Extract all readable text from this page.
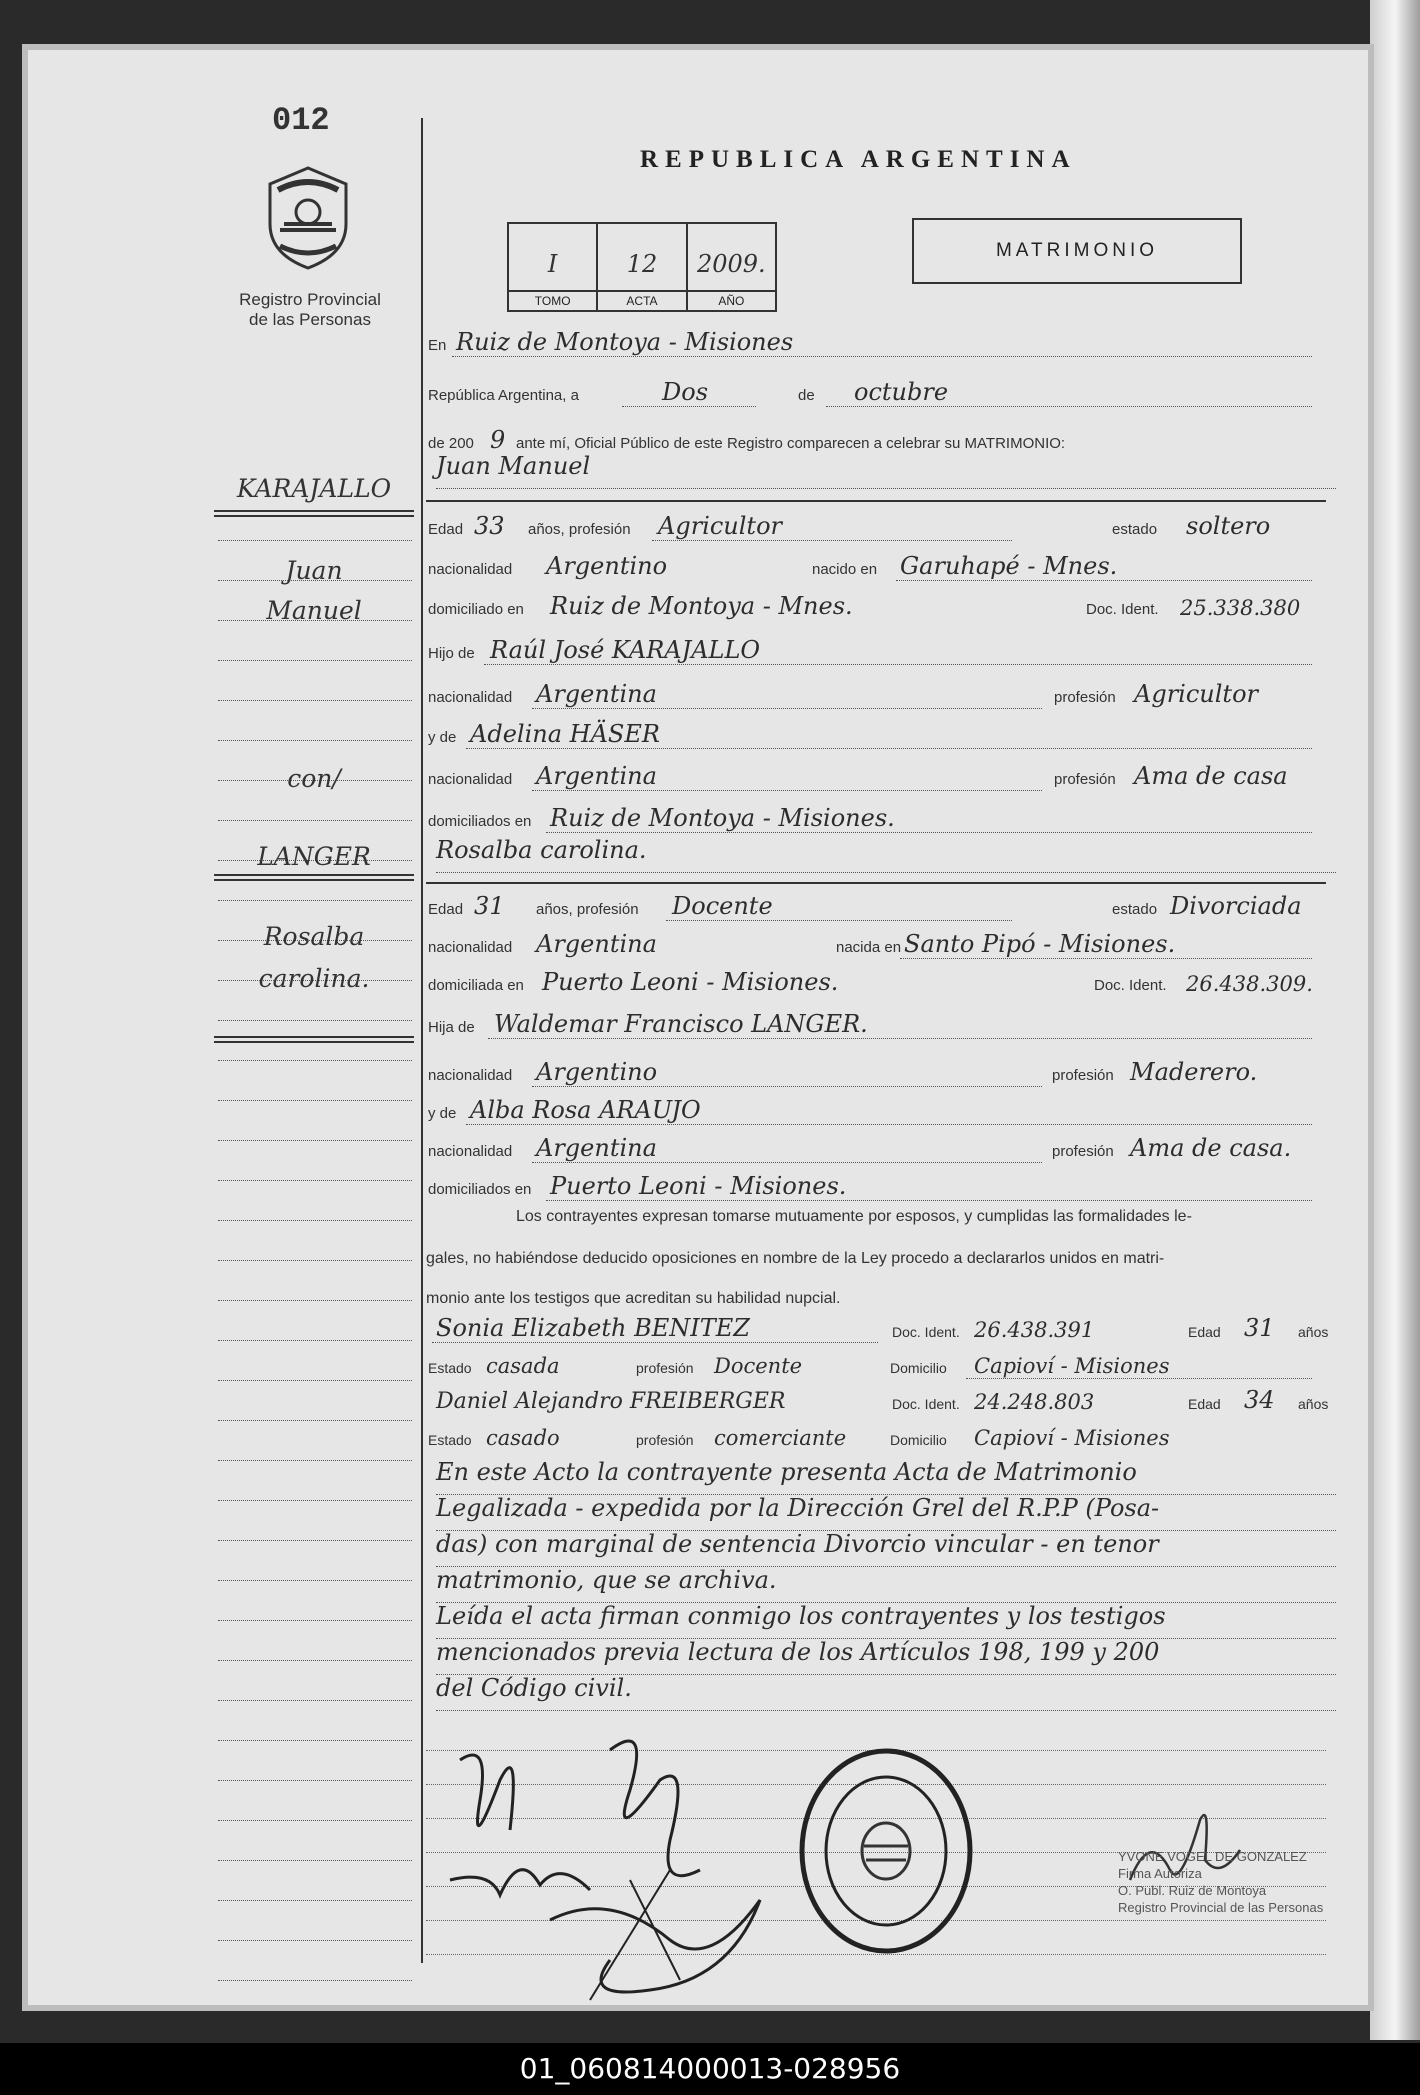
012
Registro Provincial
de las Personas
REPUBLICA ARGENTINA
I
TOMO
12
ACTA
2009.
AÑO
MATRIMONIO
KARAJALLO
Juan
Manuel
con/
LANGER
Rosalba
carolina.
En Ruiz de Montoya - Misiones
República Argentina, a	Dos	de octubre
de 200 9 ante mí, Oficial Público de este Registro comparecen a celebrar su MATRIMONIO:
Juan Manuel
Edad 33 años, profesión Agricultor	estado soltero
nacionalidad Argentino	nacido en Garuhapé - Mnes.
domiciliado en Ruiz de Montoya - Mnes.	Doc. Ident. 25.338.380
Hijo de Raúl José KARAJALLO
nacionalidad Argentina	profesión Agricultor
y de Adelina HÄSER
nacionalidad Argentina	profesión Ama de casa
domiciliados en Ruiz de Montoya - Misiones.
Rosalba carolina.
Edad 31 años, profesión Docente	estado Divorciada
nacionalidad Argentina	nacida en Santo Pipó - Misiones.
domiciliada en Puerto Leoni - Misiones.	Doc. Ident. 26.438.309.
Hija de Waldemar Francisco LANGER.
nacionalidad Argentino	profesión Maderero.
y de Alba Rosa ARAUJO
nacionalidad Argentina	profesión Ama de casa.
domiciliados en Puerto Leoni - Misiones.
Los contrayentes expresan tomarse mutuamente por esposos, y cumplidas las formalidades le-
gales, no habiéndose deducido oposiciones en nombre de la Ley procedo a declararlos unidos en matri-
monio ante los testigos que acreditan su habilidad nupcial.
Sonia Elizabeth BENITEZ	Doc. Ident. 26.438.391	Edad 31 años
Estado casada	profesión Docente	Domicilio Capioví - Misiones
Daniel Alejandro FREIBERGER	Doc. Ident. 24.248.803	Edad 34 años
Estado casado	profesión comerciante	Domicilio Capioví - Misiones
En este Acto la contrayente presenta Acta de Matrimonio
Legalizada - expedida por la Dirección Grel del R.P.P (Posa-
das) con marginal de sentencia Divorcio vincular - en tenor
matrimonio, que se archiva.
Leída el acta firman conmigo los contrayentes y los testigos
mencionados previa lectura de los Artículos 198, 199 y 200
del Código civil.
YVONE VOGEL DE GONZALEZ
Firma Autoriza
O. Publ. Ruiz de Montoya
Registro Provincial de las Personas
01_060814000013-028956
